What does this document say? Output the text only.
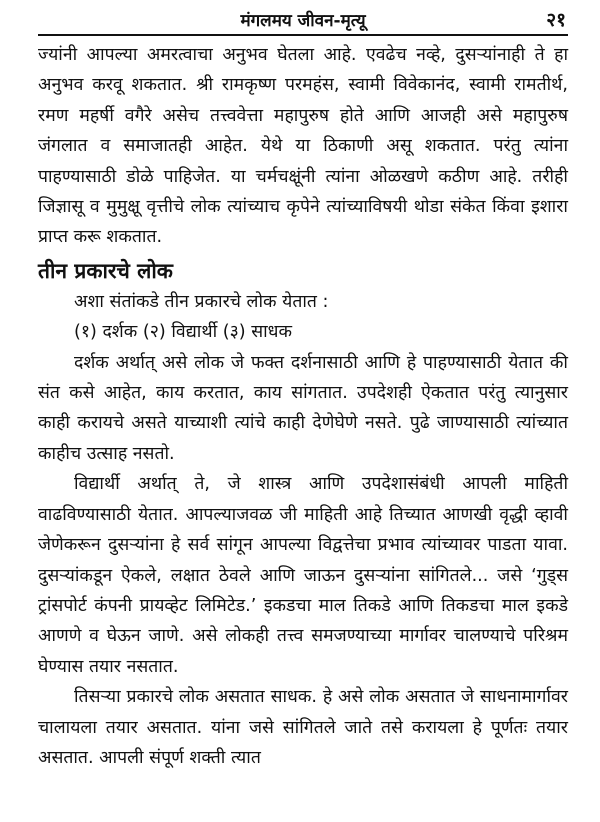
मंगलमय जीवन-मृत्यू	२१

ज्यांनी आपल्या अमरत्वाचा अनुभव घेतला आहे. एवढेच नव्हे, दुसऱ्यांनाही ते हा अनुभव करवू शकतात. श्री रामकृष्ण परमहंस, स्वामी विवेकानंद, स्वामी रामतीर्थ, रमण महर्षी वगैरे असेच तत्त्ववेत्ता महापुरुष होते आणि आजही असे महापुरुष जंगलात व समाजातही आहेत. येथे या ठिकाणी असू शकतात. परंतु त्यांना पाहण्यासाठी डोळे पाहिजेत. या चर्मचक्षूंनी त्यांना ओळखणे कठीण आहे. तरीही जिज्ञासू व मुमुक्षू वृत्तीचे लोक त्यांच्याच कृपेने त्यांच्याविषयी थोडा संकेत किंवा इशारा प्राप्त करू शकतात.

तीन प्रकारचे लोक

अशा संतांकडे तीन प्रकारचे लोक येतात :

(१) दर्शक (२) विद्यार्थी (३) साधक

दर्शक अर्थात् असे लोक जे फक्त दर्शनासाठी आणि हे पाहण्यासाठी येतात की संत कसे आहेत, काय करतात, काय सांगतात. उपदेशही ऐकतात परंतु त्यानुसार काही करायचे असते याच्याशी त्यांचे काही देणेघेणे नसते. पुढे जाण्यासाठी त्यांच्यात काहीच उत्साह नसतो.

विद्यार्थी अर्थात् ते, जे शास्त्र आणि उपदेशासंबंधी आपली माहिती वाढविण्यासाठी येतात. आपल्याजवळ जी माहिती आहे तिच्यात आणखी वृद्धी व्हावी जेणेकरून दुसऱ्यांना हे सर्व सांगून आपल्या विद्वत्तेचा प्रभाव त्यांच्यावर पाडता यावा. दुसऱ्यांकडून ऐकले, लक्षात ठेवले आणि जाऊन दुसऱ्यांना सांगितले... जसे ‘गुड्स ट्रांसपोर्ट कंपनी प्रायव्हेट लिमिटेड.’ इकडचा माल तिकडे आणि तिकडचा माल इकडे आणणे व घेऊन जाणे. असे लोकही तत्त्व समजण्याच्या मार्गावर चालण्याचे परिश्रम घेण्यास तयार नसतात.

तिसऱ्या प्रकारचे लोक असतात साधक. हे असे लोक असतात जे साधनामार्गावर चालायला तयार असतात. यांना जसे सांगितले जाते तसे करायला हे पूर्णतः तयार असतात. आपली संपूर्ण शक्ती त्यात
